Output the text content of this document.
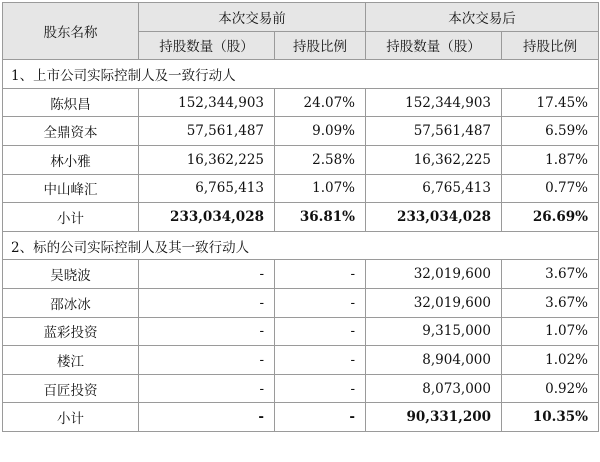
股东名称	本次交易前		本次交易后	
	持股数量（股）	持股比例	持股数量（股）	持股比例
1、上市公司实际控制人及一致行动人				
陈炽昌	152,344,903	24.07%	152,344,903	17.45%
全鼎资本	57,561,487	9.09%	57,561,487	6.59%
林小雅	16,362,225	2.58%	16,362,225	1.87%
中山峰汇	6,765,413	1.07%	6,765,413	0.77%
小计	233,034,028	36.81%	233,034,028	26.69%
2、标的公司实际控制人及其一致行动人				
吴晓波	-	-	32,019,600	3.67%
邵冰冰	-	-	32,019,600	3.67%
蓝彩投资	-	-	9,315,000	1.07%
楼江	-	-	8,904,000	1.02%
百匠投资	-	-	8,073,000	0.92%
小计	-	-	90,331,200	10.35%
